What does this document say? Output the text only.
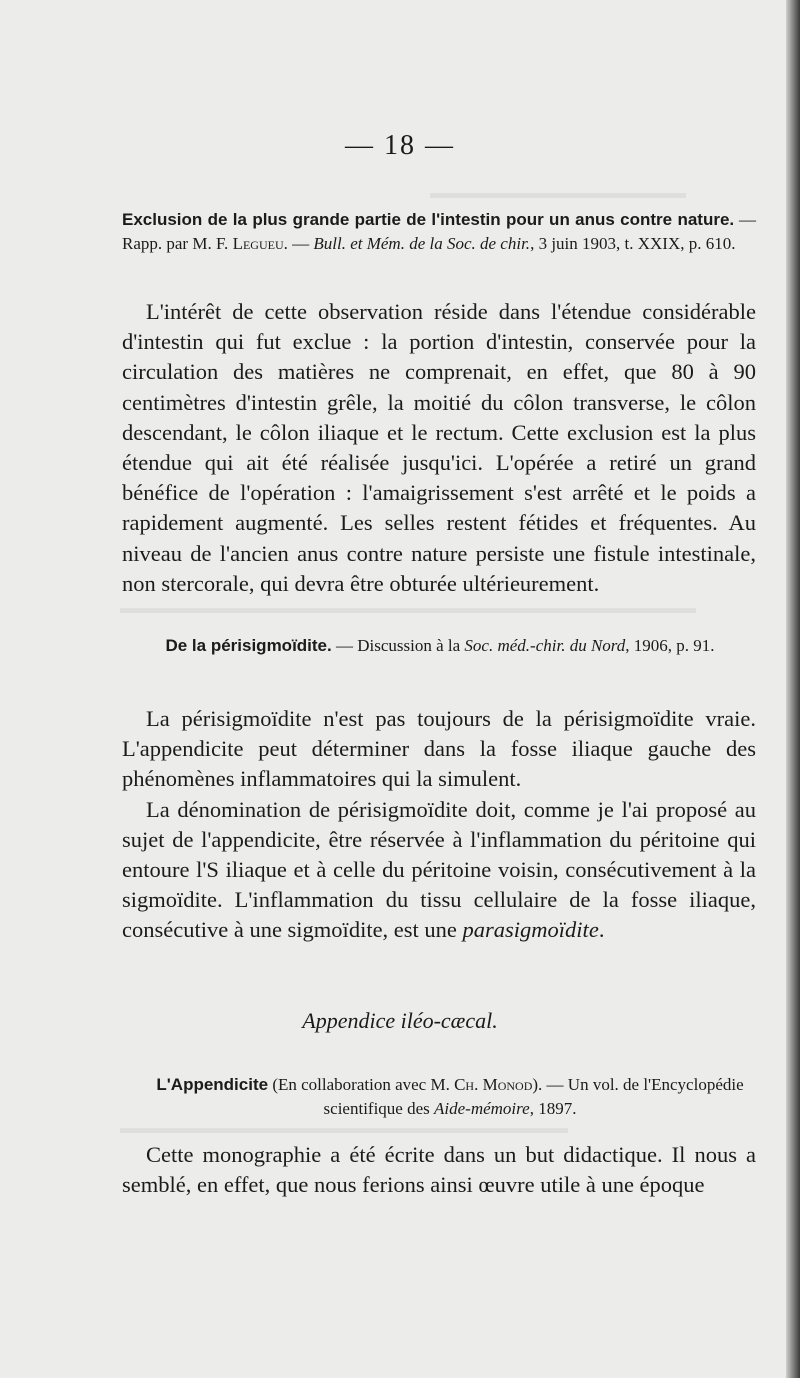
▬▬▬▬▬▬▬▬▬▬▬▬▬▬▬▬
▬▬▬▬▬▬▬▬▬▬▬▬▬▬▬▬▬▬▬▬▬▬▬▬▬▬▬▬▬▬▬▬▬▬▬▬
▬▬▬▬▬▬▬▬▬▬▬▬▬▬▬▬▬▬▬▬▬▬▬▬▬▬▬▬
— 18 —
Exclusion de la plus grande partie de l'intestin pour un anus contre nature. — Rapp. par M. F. Legueu. — Bull. et Mém. de la Soc. de chir., 3 juin 1903, t. XXIX, p. 610.

L'intérêt de cette observation réside dans l'étendue considérable d'intestin qui fut exclue : la portion d'intestin, conservée pour la circulation des matières ne comprenait, en effet, que 80 à 90 centimètres d'intestin grêle, la moitié du côlon transverse, le côlon descendant, le côlon iliaque et le rectum. Cette exclusion est la plus étendue qui ait été réalisée jusqu'ici. L'opérée a retiré un grand bénéfice de l'opération : l'amaigrissement s'est arrêté et le poids a rapidement augmenté. Les selles restent fétides et fréquentes. Au niveau de l'ancien anus contre nature persiste une fistule intestinale, non stercorale, qui devra être obturée ultérieurement.

De la périsigmoïdite. — Discussion à la Soc. méd.-chir. du Nord, 1906, p. 91.

La périsigmoïdite n'est pas toujours de la périsigmoïdite vraie. L'appendicite peut déterminer dans la fosse iliaque gauche des phénomènes inflammatoires qui la simulent.

La dénomination de périsigmoïdite doit, comme je l'ai proposé au sujet de l'appendicite, être réservée à l'inflammation du péritoine qui entoure l'S iliaque et à celle du péritoine voisin, consécutivement à la sigmoïdite. L'inflammation du tissu cellulaire de la fosse iliaque, consécutive à une sigmoïdite, est une parasigmoïdite.

Appendice iléo-cæcal.
L'Appendicite (En collaboration avec M. Ch. Monod). — Un vol. de l'Encyclopédie scientifique des Aide-mémoire, 1897.

Cette monographie a été écrite dans un but didactique. Il nous a semblé, en effet, que nous ferions ainsi œuvre utile à une époque
